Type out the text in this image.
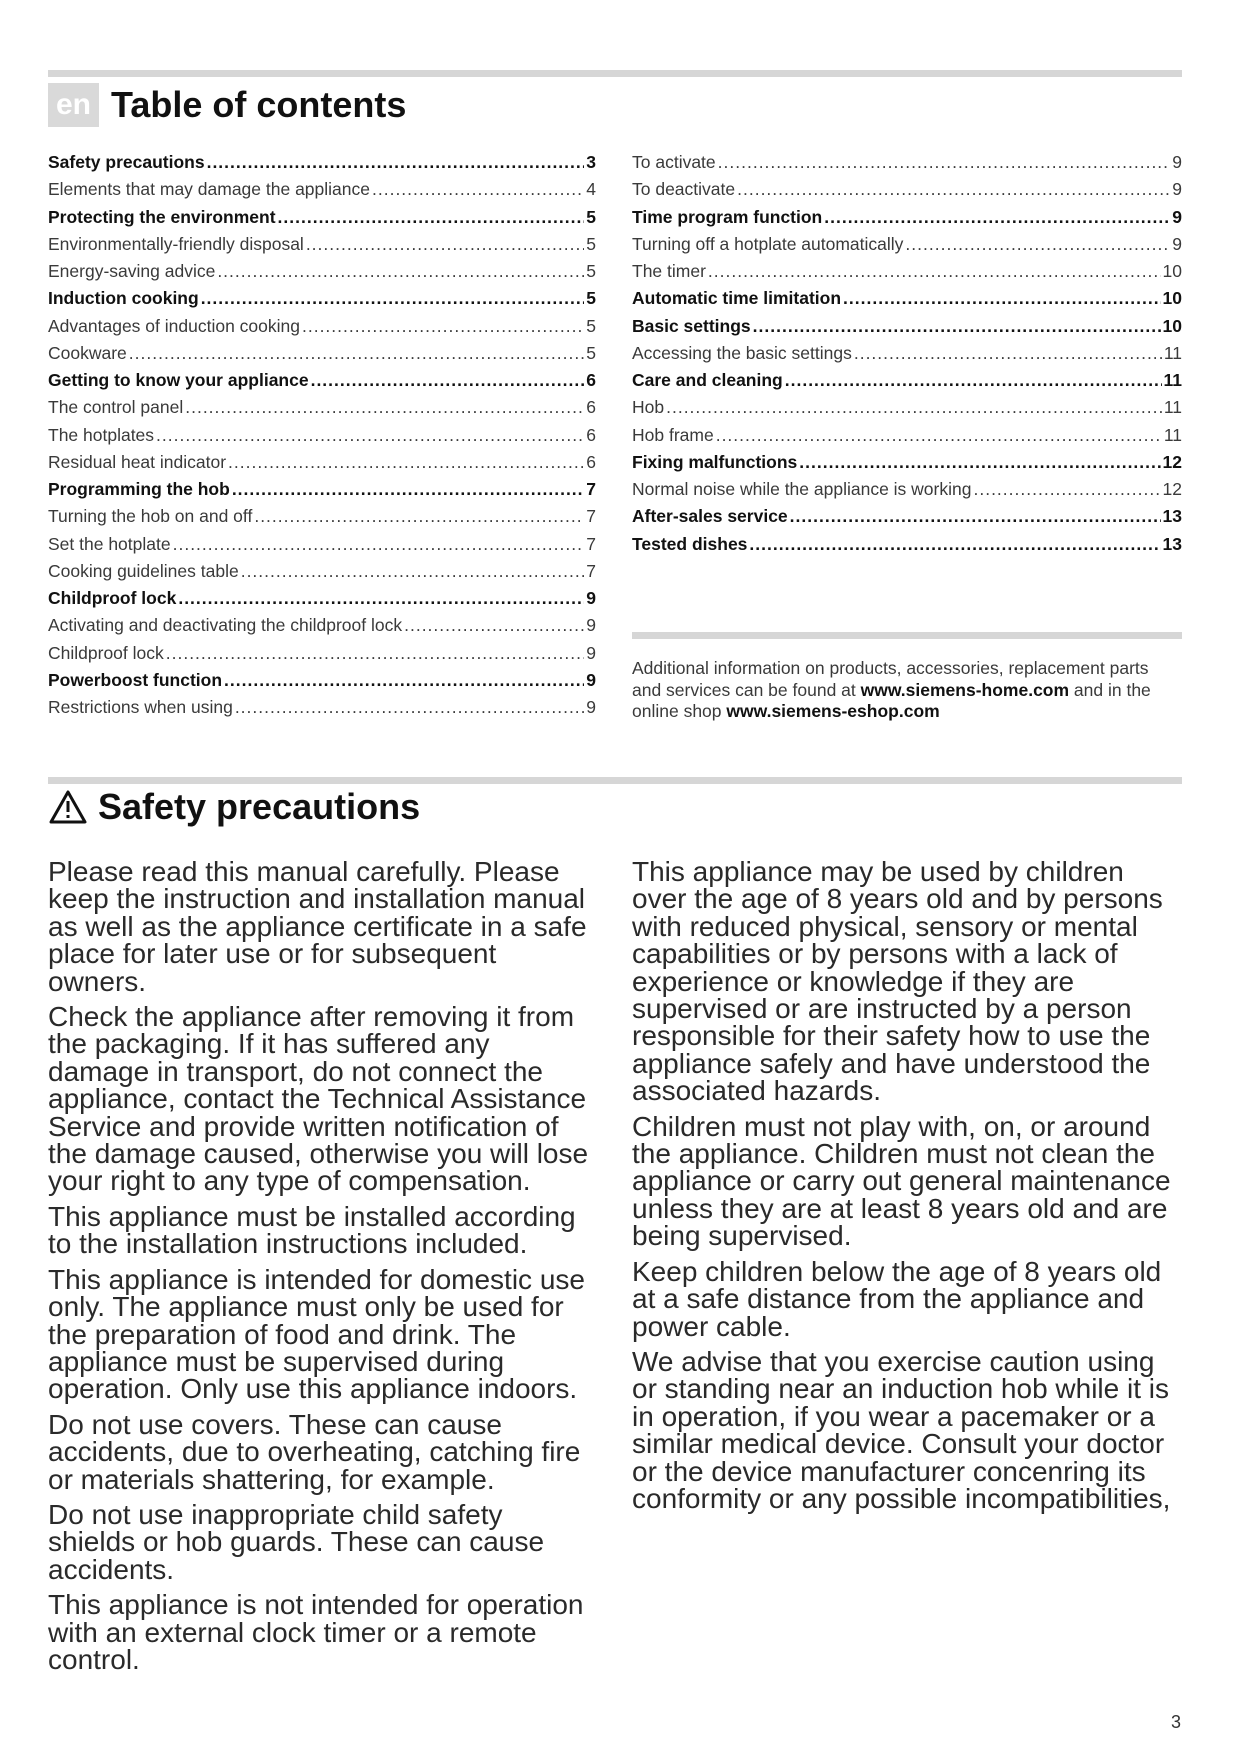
en Table of contents
Safety precautions .....	3
Elements that may damage the appliance .....	4
Protecting the environment .....	5
Environmentally-friendly disposal .....	5
Energy-saving advice .....	5
Induction cooking .....	5
Advantages of induction cooking .....	5
Cookware .....	5
Getting to know your appliance .....	6
The control panel .....	6
The hotplates .....	6
Residual heat indicator .....	6
Programming the hob .....	7
Turning the hob on and off .....	7
Set the hotplate .....	7
Cooking guidelines table .....	7
Childproof lock .....	9
Activating and deactivating the childproof lock .....	9
Childproof lock .....	9
Powerboost function .....	9
Restrictions when using .....	9
To activate .....	9
To deactivate .....	9
Time program function .....	9
Turning off a hotplate automatically .....	9
The timer .....	10
Automatic time limitation .....	10
Basic settings .....	10
Accessing the basic settings .....	11
Care and cleaning .....	11
Hob .....	11
Hob frame .....	11
Fixing malfunctions .....	12
Normal noise while the appliance is working .....	12
After-sales service .....	13
Tested dishes .....	13
Additional information on products, accessories, replacement parts and services can be found at www.siemens-home.com and in the online shop www.siemens-eshop.com
Safety precautions

Please read this manual carefully. Please keep the instruction and installation manual as well as the appliance certificate in a safe place for later use or for subsequent owners.

Check the appliance after removing it from the packaging. If it has suffered any damage in transport, do not connect the appliance, contact the Technical Assistance Service and provide written notification of the damage caused, otherwise you will lose your right to any type of compensation.

This appliance must be installed according to the installation instructions included.

This appliance is intended for domestic use only. The appliance must only be used for the preparation of food and drink. The appliance must be supervised during operation. Only use this appliance indoors.

Do not use covers. These can cause accidents, due to overheating, catching fire or materials shattering, for example.

Do not use inappropriate child safety shields or hob guards. These can cause accidents.

This appliance is not intended for operation with an external clock timer or a remote control.

This appliance may be used by children over the age of 8 years old and by persons with reduced physical, sensory or mental capabilities or by persons with a lack of experience or knowledge if they are supervised or are instructed by a person responsible for their safety how to use the appliance safely and have understood the associated hazards.

Children must not play with, on, or around the appliance. Children must not clean the appliance or carry out general maintenance unless they are at least 8 years old and are being supervised.

Keep children below the age of 8 years old at a safe distance from the appliance and power cable.

We advise that you exercise caution using or standing near an induction hob while it is in operation, if you wear a pacemaker or a similar medical device. Consult your doctor or the device manufacturer concenring its conformity or any possible incompatibilities,

3
